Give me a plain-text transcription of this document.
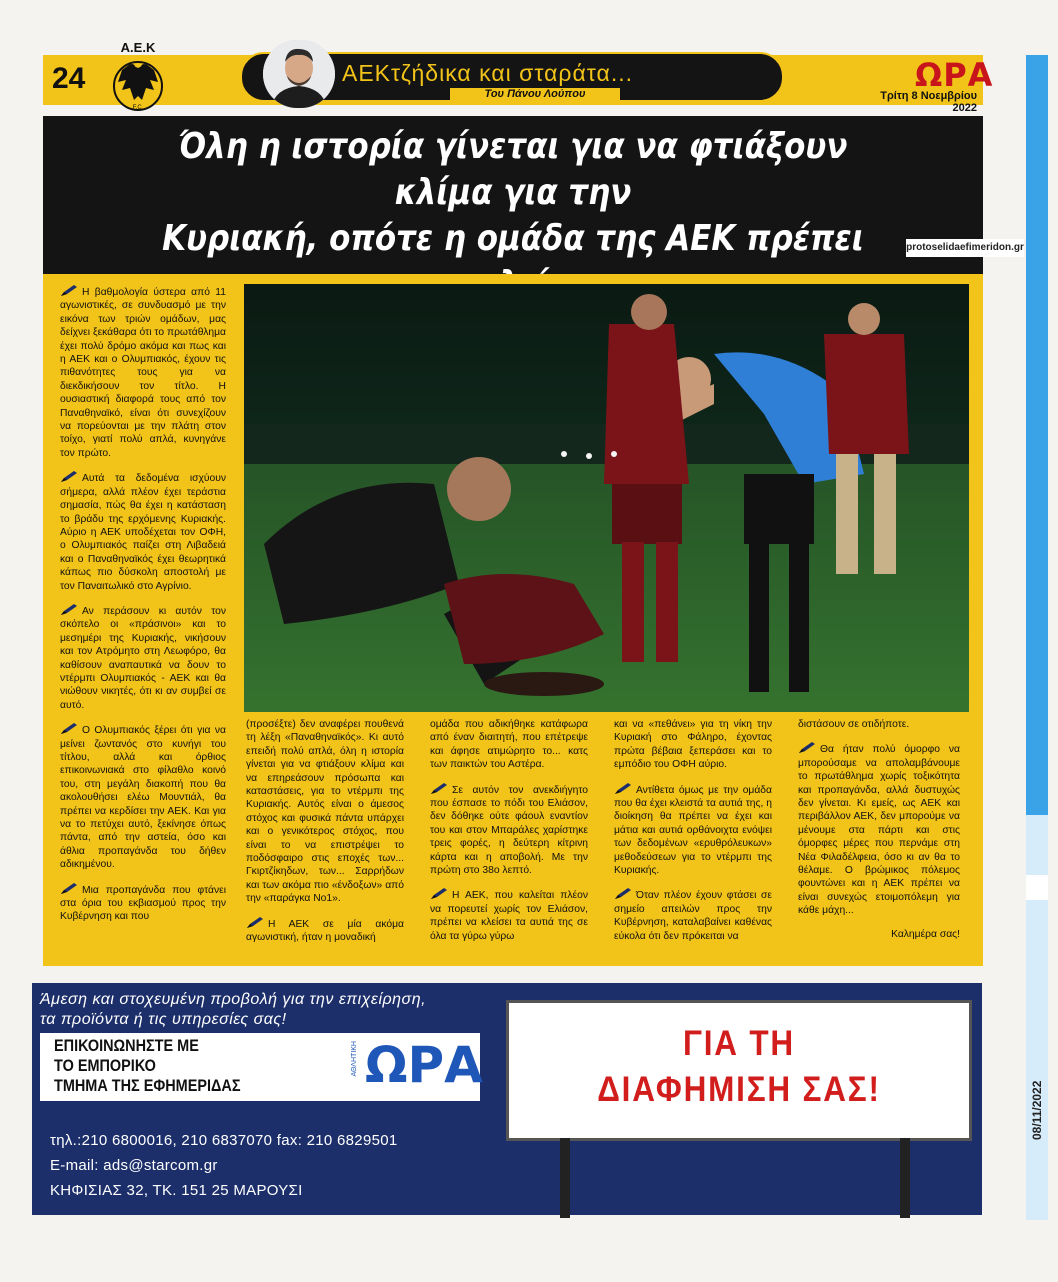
08/11/2022
24
Α.Ε.Κ
F.C.
ΑΕΚτζήδικα και σταράτα...
Του Πάνου Λούπου	ΩΡΑ
Τρίτη 8 Νοεμβρίου 2022
Όλη η ιστορία γίνεται για να φτιάξουν κλίμα για την
Κυριακή, οπότε η ομάδα της ΑΕΚ πρέπει	protoselidaefimeridon.gr

Η βαθμολογία ύστερα από 11 αγωνιστικές, σε συνδυασμό με την εικόνα των τριών ομάδων, μας δείχνει ξεκάθαρα ότι το πρωτάθλημα έχει πολύ δρόμο ακόμα και πως και η ΑΕΚ και ο Ολυμπιακός, έχουν τις πιθανότητες τους για να διεκδικήσουν τον τίτλο. Η ουσιαστική διαφορά τους από τον Παναθηναϊκό, είναι ότι συνεχίζουν να πορεύονται με την πλάτη στον τοίχο, γιατί πολύ απλά, κυνηγάνε τον πρώτο.

Αυτά τα δεδομένα ισχύουν σήμερα, αλλά πλέον έχει τεράστια σημασία, πώς θα έχει η κατάσταση το βράδυ της ερχόμενης Κυριακής. Αύριο η ΑΕΚ υποδέχεται τον ΟΦΗ, ο Ολυμπιακός παίζει στη Λιβαδειά και ο Παναθηναϊκός έχει θεωρητικά κάπως πιο δύσκολη αποστολή με τον Παναιτωλικό στο Αγρίνιο.

Αν περάσουν κι αυτόν τον σκόπελο οι «πράσινοι» και το μεσημέρι της Κυριακής, νικήσουν και τον Ατρόμητο στη Λεωφόρο, θα καθίσουν αναπαυτικά να δουν το ντέρμπι Ολυμπιακός - ΑΕΚ και θα νιώθουν νικητές, ότι κι αν συμβεί σε αυτό.

Ο Ολυμπιακός ξέρει ότι για να μείνει ζωντανός στο κυνήγι του τίτλου, αλλά και όρθιος επικοινωνιακά στο φίλαθλο κοινό του, στη μεγάλη διακοπή που θα ακολουθήσει ελέω Μουντιάλ, θα πρέπει να κερδίσει την ΑΕΚ. Και για να το πετύχει αυτό, ξεκίνησε όπως πάντα, από την αστεία, όσο και άθλια προπαγάνδα του δήθεν αδικημένου.

Μια προπαγάνδα που φτάνει στα όρια του εκβιασμού προς την Κυβέρνηση και που

(προσέξτε) δεν αναφέρει πουθενά τη λέξη «Παναθηναϊκός». Κι αυτό επειδή πολύ απλά, όλη η ιστορία γίνεται για να φτιάξουν κλίμα και να επηρεάσουν πρόσωπα και καταστάσεις, για το ντέρμπι της Κυριακής. Αυτός είναι ο άμεσος στόχος και φυσικά πάντα υπάρχει και ο γενικότερος στόχος, που είναι το να επιστρέψει το ποδόσφαιρο στις εποχές των... Γκιρτζίκηδων, των... Σαρρήδων και των ακόμα πιο «ένδοξων» από την «παράγκα Νο1».

Η ΑΕΚ σε μία ακόμα αγωνιστική, ήταν η μοναδική

ομάδα που αδικήθηκε κατάφωρα από έναν διαιτητή, που επέτρεψε και άφησε ατιμώρητο το... κατς των παικτών του Αστέρα.

Σε αυτόν τον ανεκδιήγητο που έσπασε το πόδι του Ελιάσον, δεν δόθηκε ούτε φάουλ εναντίον του και στον Μπαράλες χαρίστηκε τρεις φορές, η δεύτερη κίτρινη κάρτα και η αποβολή. Με την πρώτη στο 38ο λεπτό.

Η ΑΕΚ, που καλείται πλέον να πορευτεί χωρίς τον Ελιάσον, πρέπει να κλείσει τα αυτιά της σε όλα τα γύρω γύρω

και να «πεθάνει» για τη νίκη την Κυριακή στο Φάληρο, έχοντας πρώτα βέβαια ξεπεράσει και το εμπόδιο του ΟΦΗ αύριο.

Αντίθετα όμως με την ομάδα που θα έχει κλειστά τα αυτιά της, η διοίκηση θα πρέπει να έχει και μάτια και αυτιά ορθάνοιχτα ενόψει των δεδομένων «ερυθρόλευκων» μεθοδεύσεων για το ντέρμπι της Κυριακής.

Όταν πλέον έχουν φτάσει σε σημείο απειλών προς την Κυβέρνηση, καταλαβαίνει καθένας εύκολα ότι δεν πρόκειται να

διστάσουν σε οτιδήποτε.

Θα ήταν πολύ όμορφο να μπορούσαμε να απολαμβάνουμε το πρωτάθλημα χωρίς τοξικότητα και προπαγάνδα, αλλά δυστυχώς δεν γίνεται. Κι εμείς, ως ΑΕΚ και περιβάλλον ΑΕΚ, δεν μπορούμε να μένουμε στα πάρτι και στις όμορφες μέρες που περνάμε στη Νέα Φιλαδέλφεια, όσο κι αν θα το θέλαμε. Ο βρώμικος πόλεμος φουντώνει και η ΑΕΚ πρέπει να είναι συνεχώς ετοιμοπόλεμη για κάθε μάχη...

Καλημέρα σας!

Άμεση και στοχευμένη προβολή για την επιχείρηση,
τα προϊόντα ή τις υπηρεσίες σας!
ΕΠΙΚΟΙΝΩΝΗΣΤΕ ΜΕ
ΤΟ ΕΜΠΟΡΙΚΟ
ΤΜΗΜΑ ΤΗΣ ΕΦΗΜΕΡΙΔΑΣ
ΑΘΛΗΤΙΚΗ ΩΡΑ	ΓΙΑ ΤΗ
ΔΙΑΦΗΜΙΣΗ ΣΑΣ!
τηλ.:210 6800016, 210 6837070 fax: 210 6829501
E-mail: ads@starcom.gr
ΚΗΦΙΣΙΑΣ 32, ΤΚ. 151 25 ΜΑΡΟΥΣΙ
